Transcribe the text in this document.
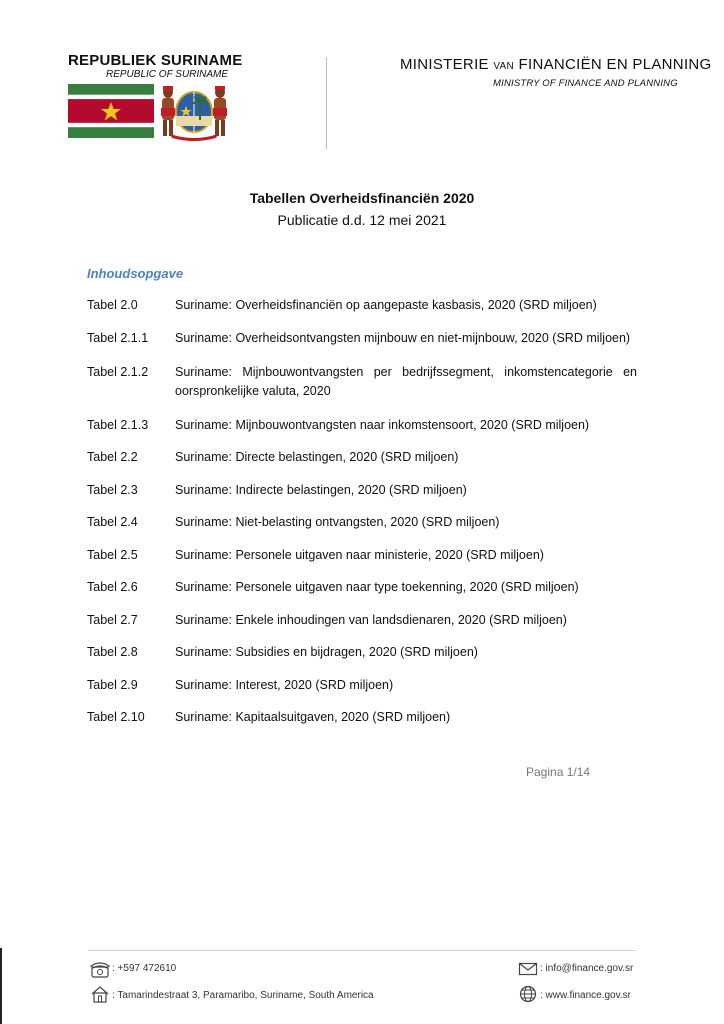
REPUBLIEK SURINAME
REPUBLIC OF SURINAME
MINISTERIE VAN FINANCIËN EN PLANNING
MINISTRY OF FINANCE AND PLANNING
Tabellen Overheidsfinanciën 2020
Publicatie d.d. 12 mei 2021
Inhoudsopgave
Tabel 2.0	Suriname: Overheidsfinanciën op aangepaste kasbasis, 2020 (SRD miljoen)
Tabel 2.1.1	Suriname: Overheidsontvangsten mijnbouw en niet-mijnbouw, 2020 (SRD miljoen)
Tabel 2.1.2	Suriname: Mijnbouwontvangsten per bedrijfssegment, inkomstencategorie en oorspronkelijke valuta, 2020
Tabel 2.1.3	Suriname: Mijnbouwontvangsten naar inkomstensoort, 2020 (SRD miljoen)
Tabel 2.2	Suriname: Directe belastingen, 2020 (SRD miljoen)
Tabel 2.3	Suriname: Indirecte belastingen, 2020 (SRD miljoen)
Tabel 2.4	Suriname: Niet-belasting ontvangsten, 2020 (SRD miljoen)
Tabel 2.5	Suriname: Personele uitgaven naar ministerie, 2020 (SRD miljoen)
Tabel 2.6	Suriname: Personele uitgaven naar type toekenning, 2020 (SRD miljoen)
Tabel 2.7	Suriname: Enkele inhoudingen van landsdienaren, 2020 (SRD miljoen)
Tabel 2.8	Suriname: Subsidies en bijdragen, 2020 (SRD miljoen)
Tabel 2.9	Suriname: Interest, 2020 (SRD miljoen)
Tabel 2.10	Suriname: Kapitaalsuitgaven, 2020 (SRD miljoen)
Pagina 1/14
: +597 472610
: Tamarindestraat 3, Paramaribo, Suriname, South America
: info@finance.gov.sr
: www.finance.gov.sr
